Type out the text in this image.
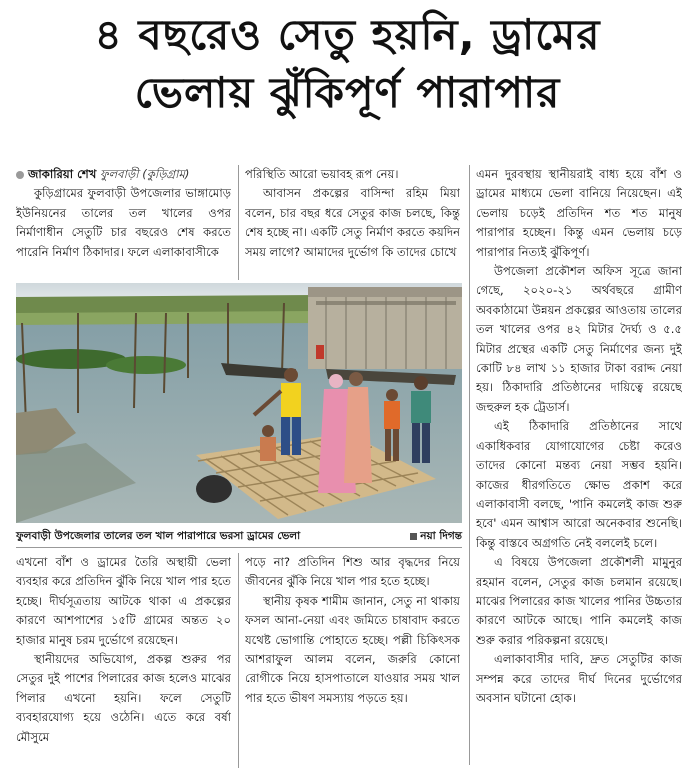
৪ বছরেও সেতু হয়নি, ড্রামের
ভেলায় ঝুঁকিপূর্ণ পারাপার
জাকারিয়া শেখ ফুলবাড়ী (কুড়িগ্রাম)

কুড়িগ্রামের ফুলবাড়ী উপজেলার ভাঙ্গামোড় ইউনিয়নের তালের তল খালের ওপর নির্মাণাধীন সেতুটি চার বছরেও শেষ করতে পারেনি নির্মাণ ঠিকাদার। ফলে এলাকাবাসীকে

পরিস্থিতি আরো ভয়াবহ রূপ নেয়।

আবাসন প্রকল্পের বাসিন্দা রহিম মিয়া বলেন, চার বছর ধরে সেতুর কাজ চলছে, কিন্তু শেষ হচ্ছে না। একটি সেতু নির্মাণ করতে কয়দিন সময় লাগে? আমাদের দুর্ভোগ কি তাদের চোখে

ফুলবাড়ী উপজেলার তালের তল খাল পারাপারে ভরসা ড্রামের ভেলা	নয়া দিগন্ত

এখনো বাঁশ ও ড্রামের তৈরি অস্থায়ী ভেলা ব্যবহার করে প্রতিদিন ঝুঁকি নিয়ে খাল পার হতে হচ্ছে। দীর্ঘসূত্রতায় আটকে থাকা এ প্রকল্পের কারণে আশপাশের ১৫টি গ্রামের অন্তত ২০ হাজার মানুষ চরম দুর্ভোগে রয়েছেন।

স্থানীয়দের অভিযোগ, প্রকল্প শুরুর পর সেতুর দুই পাশের পিলারের কাজ হলেও মাঝের পিলার এখনো হয়নি। ফলে সেতুটি ব্যবহারযোগ্য হয়ে ওঠেনি। এতে করে বর্ষা মৌসুমে

পড়ে না? প্রতিদিন শিশু আর বৃদ্ধদের নিয়ে জীবনের ঝুঁকি নিয়ে খাল পার হতে হচ্ছে।

স্থানীয় কৃষক শামীম জানান, সেতু না থাকায় ফসল আনা-নেয়া এবং জমিতে চাষাবাদ করতে যথেষ্ট ভোগান্তি পোহাতে হচ্ছে। পল্লী চিকিৎসক আশরাফুল আলম বলেন, জরুরি কোনো রোগীকে নিয়ে হাসপাতালে যাওয়ার সময় খাল পার হতে ভীষণ সমস্যায় পড়তে হয়।

এমন দুরবস্থায় স্থানীয়রাই বাধ্য হয়ে বাঁশ ও ড্রামের মাধ্যমে ভেলা বানিয়ে নিয়েছেন। এই ভেলায় চড়েই প্রতিদিন শত শত মানুষ পারাপার হচ্ছেন। কিন্তু এমন ভেলায় চড়ে পারাপার নিত্যই ঝুঁকিপূর্ণ।

উপজেলা প্রকৌশল অফিস সূত্রে জানা গেছে, ২০২০-২১ অর্থবছরে গ্রামীণ অবকাঠামো উন্নয়ন প্রকল্পের আওতায় তালের তল খালের ওপর ৪২ মিটার দৈর্ঘ্য ও ৫.৫ মিটার প্রস্থের একটি সেতু নির্মাণের জন্য দুই কোটি ৮৪ লাখ ১১ হাজার টাকা বরাদ্দ নেয়া হয়। ঠিকাদারি প্রতিষ্ঠানের দায়িত্বে রয়েছে জহুরুল হক ট্রেডার্স।

এই ঠিকাদারি প্রতিষ্ঠানের সাথে একাধিকবার যোগাযোগের চেষ্টা করেও তাদের কোনো মন্তব্য নেয়া সম্ভব হয়নি। কাজের ধীরগতিতে ক্ষোভ প্রকাশ করে এলাকাবাসী বলছে, 'পানি কমলেই কাজ শুরু হবে' এমন আশ্বাস আরো অনেকবার শুনেছি। কিন্তু বাস্তবে অগ্রগতি নেই বললেই চলে।

এ বিষয়ে উপজেলা প্রকৌশলী মামুনুর রহমান বলেন, সেতুর কাজ চলমান রয়েছে। মাঝের পিলারের কাজ খালের পানির উচ্চতার কারণে আটকে আছে। পানি কমলেই কাজ শুরু করার পরিকল্পনা রয়েছে।

এলাকাবাসীর দাবি, দ্রুত সেতুটির কাজ সম্পন্ন করে তাদের দীর্ঘ দিনের দুর্ভোগের অবসান ঘটানো হোক।
